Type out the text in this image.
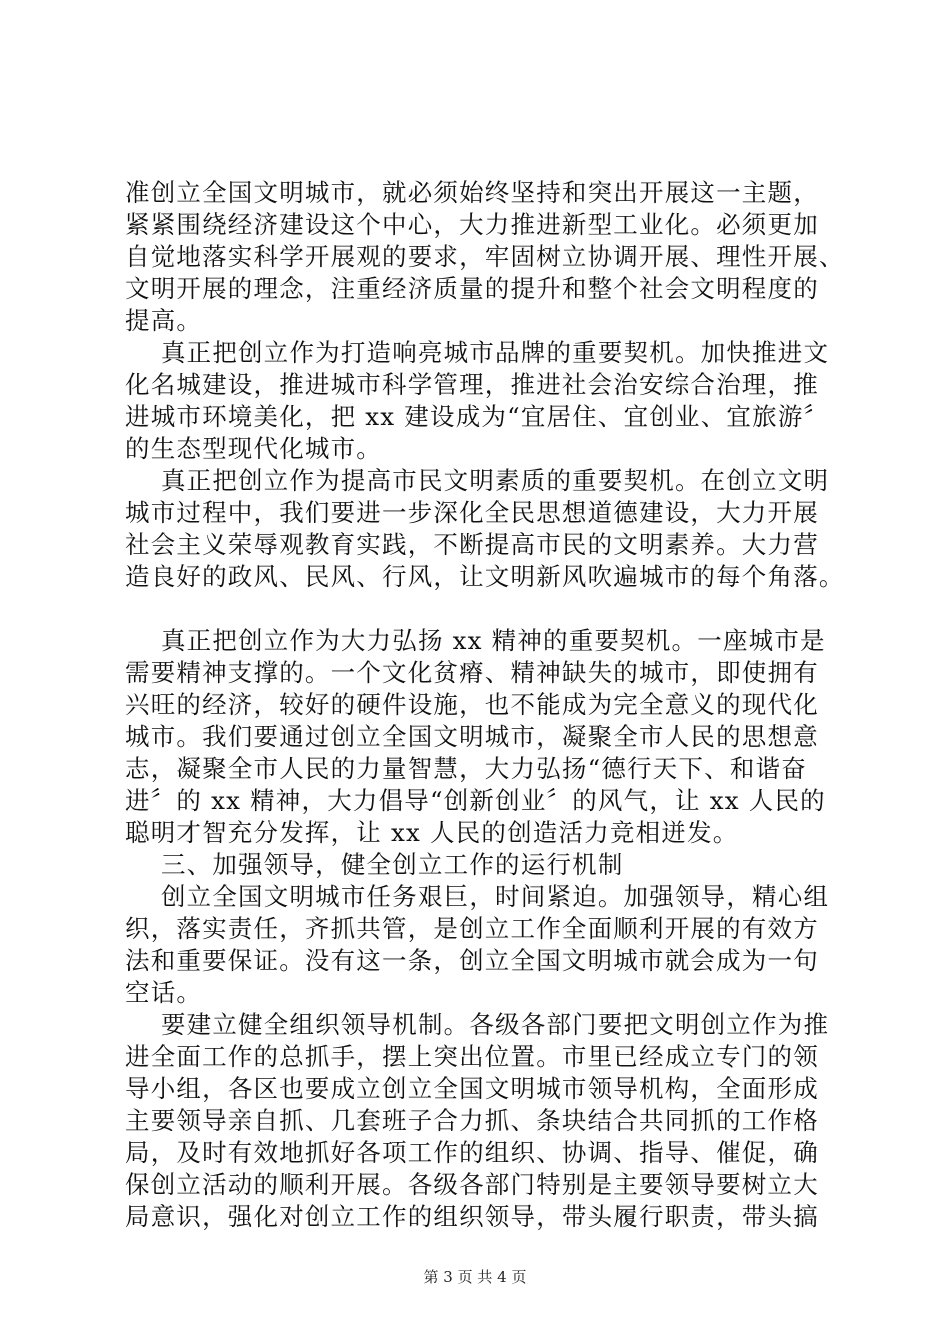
准创立全国文明城市，就必须始终坚持和突出开展这一主题，
紧紧围绕经济建设这个中心，大力推进新型工业化。必须更加
自觉地落实科学开展观的要求，牢固树立协调开展、理性开展、
文明开展的理念，注重经济质量的提升和整个社会文明程度的
提高。
真正把创立作为打造响亮城市品牌的重要契机。加快推进文
化名城建设，推进城市科学管理，推进社会治安综合治理，推
进城市环境美化，把 xx 建设成为“宜居住、宜创业、宜旅游〞
的生态型现代化城市。
真正把创立作为提高市民文明素质的重要契机。在创立文明
城市过程中，我们要进一步深化全民思想道德建设，大力开展
社会主义荣辱观教育实践，不断提高市民的文明素养。大力营
造良好的政风、民风、行风，让文明新风吹遍城市的每个角落。
真正把创立作为大力弘扬 xx 精神的重要契机。一座城市是
需要精神支撑的。一个文化贫瘠、精神缺失的城市，即使拥有
兴旺的经济，较好的硬件设施，也不能成为完全意义的现代化
城市。我们要通过创立全国文明城市，凝聚全市人民的思想意
志，凝聚全市人民的力量智慧，大力弘扬“德行天下、和谐奋
进〞的 xx 精神，大力倡导“创新创业〞的风气，让 xx 人民的
聪明才智充分发挥，让 xx 人民的创造活力竞相迸发。
三、加强领导，健全创立工作的运行机制
创立全国文明城市任务艰巨，时间紧迫。加强领导，精心组
织，落实责任，齐抓共管，是创立工作全面顺利开展的有效方
法和重要保证。没有这一条，创立全国文明城市就会成为一句
空话。
要建立健全组织领导机制。各级各部门要把文明创立作为推
进全面工作的总抓手，摆上突出位置。市里已经成立专门的领
导小组，各区也要成立创立全国文明城市领导机构，全面形成
主要领导亲自抓、几套班子合力抓、条块结合共同抓的工作格
局，及时有效地抓好各项工作的组织、协调、指导、催促，确
保创立活动的顺利开展。各级各部门特别是主要领导要树立大
局意识，强化对创立工作的组织领导，带头履行职责，带头搞
第 3 页 共 4 页
